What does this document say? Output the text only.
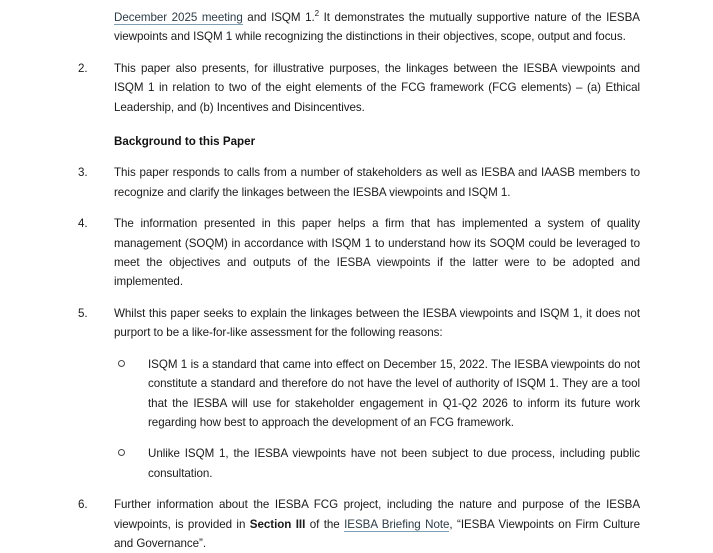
December 2025 meeting and ISQM 1.$^2$ It demonstrates the mutually supportive nature of the IESBA viewpoints and ISQM 1 while recognizing the distinctions in their objectives, scope, output and focus.
2.	This paper also presents, for illustrative purposes, the linkages between the IESBA viewpoints and ISQM 1 in relation to two of the eight elements of the FCG framework (FCG elements) – (a) Ethical Leadership, and (b) Incentives and Disincentives.
Background to this Paper
3.	This paper responds to calls from a number of stakeholders as well as IESBA and IAASB members to recognize and clarify the linkages between the IESBA viewpoints and ISQM 1.
4.	The information presented in this paper helps a firm that has implemented a system of quality management (SOQM) in accordance with ISQM 1 to understand how its SOQM could be leveraged to meet the objectives and outputs of the IESBA viewpoints if the latter were to be adopted and implemented.
5.	Whilst this paper seeks to explain the linkages between the IESBA viewpoints and ISQM 1, it does not purport to be a like-for-like assessment for the following reasons:
ISQM 1 is a standard that came into effect on December 15, 2022. The IESBA viewpoints do not constitute a standard and therefore do not have the level of authority of ISQM 1. They are a tool that the IESBA will use for stakeholder engagement in Q1-Q2 2026 to inform its future work regarding how best to approach the development of an FCG framework.
Unlike ISQM 1, the IESBA viewpoints have not been subject to due process, including public consultation.
6.	Further information about the IESBA FCG project, including the nature and purpose of the IESBA viewpoints, is provided in Section III of the IESBA Briefing Note, “IESBA Viewpoints on Firm Culture and Governance”.
